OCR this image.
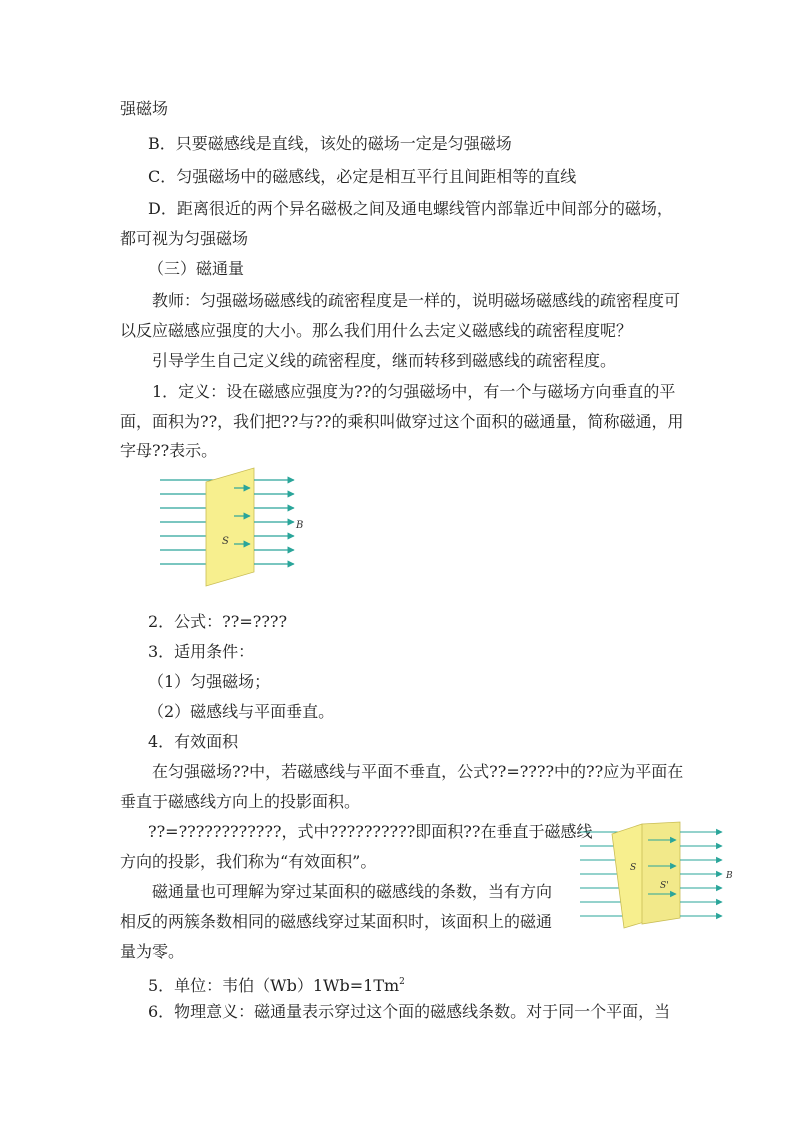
强磁场
B．只要磁感线是直线，该处的磁场一定是匀强磁场
C．匀强磁场中的磁感线，必定是相互平行且间距相等的直线
D．距离很近的两个异名磁极之间及通电螺线管内部靠近中间部分的磁场，
都可视为匀强磁场
（三）磁通量
教师：匀强磁场磁感线的疏密程度是一样的，说明磁场磁感线的疏密程度可
以反应磁感应强度的大小。那么我们用什么去定义磁感线的疏密程度呢？
引导学生自己定义线的疏密程度，继而转移到磁感线的疏密程度。
1．定义：设在磁感应强度为??的匀强磁场中，有一个与磁场方向垂直的平
面，面积为??，我们把??与??的乘积叫做穿过这个面积的磁通量，简称磁通，用
字母??表示。
S
B
2．公式：??=????
3．适用条件：
（1）匀强磁场；
（2）磁感线与平面垂直。
4．有效面积
在匀强磁场??中，若磁感线与平面不垂直，公式??=????中的??应为平面在
垂直于磁感线方向上的投影面积。
??=????????????，式中??????????即面积??在垂直于磁感线
方向的投影，我们称为“有效面积”。
磁通量也可理解为穿过某面积的磁感线的条数，当有方向
相反的两簇条数相同的磁感线穿过某面积时，该面积上的磁通
量为零。
5．单位：韦伯$(Wb)1Wb=1Tm^2$
6．物理意义：磁通量表示穿过这个面的磁感线条数。对于同一个平面，当
S
S'
B
